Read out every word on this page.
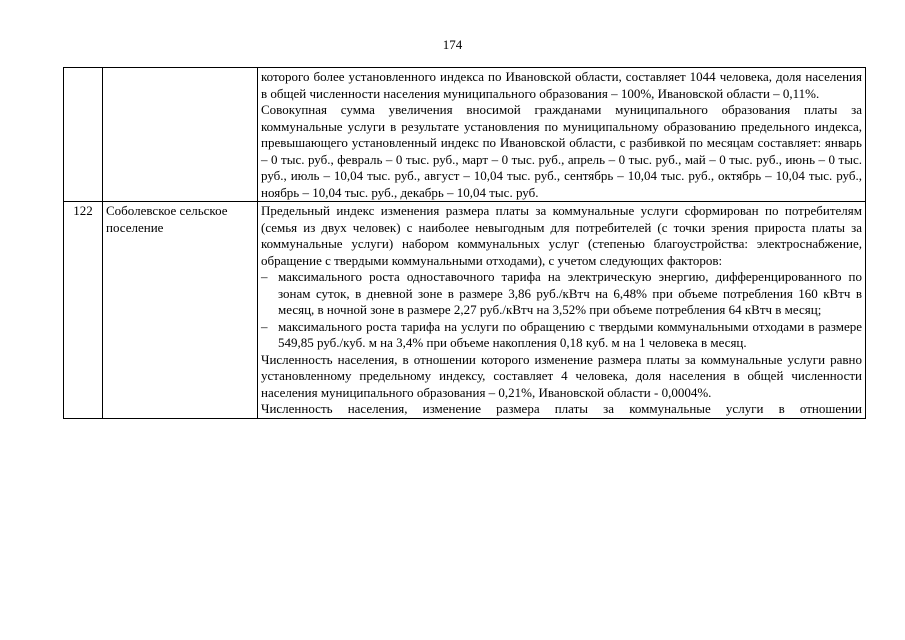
174

		которого более установленного индекса по Ивановской области, составляет 1044 человека, доля населения в общей численности населения муниципального образования – 100%, Ивановской области – 0,11%.

Совокупная сумма увеличения вносимой гражданами муниципального образования платы за коммунальные услуги в результате установления по муниципальному образованию предельного индекса, превышающего установленный индекс по Ивановской области, с разбивкой по месяцам составляет: январь – 0 тыс. руб., февраль – 0 тыс. руб., март – 0 тыс. руб., апрель – 0 тыс. руб., май – 0 тыс. руб., июнь – 0 тыс. руб., июль – 10,04 тыс. руб., август – 10,04 тыс. руб., сентябрь – 10,04 тыс. руб., октябрь – 10,04 тыс. руб., ноябрь – 10,04 тыс. руб., декабрь – 10,04 тыс. руб.

122	Соболевское сельское поселение	Предельный индекс изменения размера платы за коммунальные услуги сформирован по потребителям (семья из двух человек) с наиболее невыгодным для потребителей (с точки зрения прироста платы за коммунальные услуги) набором коммунальных услуг (степенью благоустройства: электроснабжение, обращение с твердыми коммунальными отходами), с учетом следующих факторов:

– максимального роста одноставочного тарифа на электрическую энергию, дифференцированного по зонам суток, в дневной зоне в размере 3,86 руб./кВтч на 6,48% при объеме потребления 160 кВтч в месяц, в ночной зоне в размере 2,27 руб./кВтч на 3,52% при объеме потребления 64 кВтч в месяц;

– максимального роста тарифа на услуги по обращению с твердыми коммунальными отходами в размере 549,85 руб./куб. м на 3,4% при объеме накопления 0,18 куб. м на 1 человека в месяц.

Численность населения, в отношении которого изменение размера платы за коммунальные услуги равно установленному предельному индексу, составляет 4 человека, доля населения в общей численности населения муниципального образования – 0,21%, Ивановской области - 0,0004%.

Численность населения, изменение размера платы за коммунальные услуги в отношении
